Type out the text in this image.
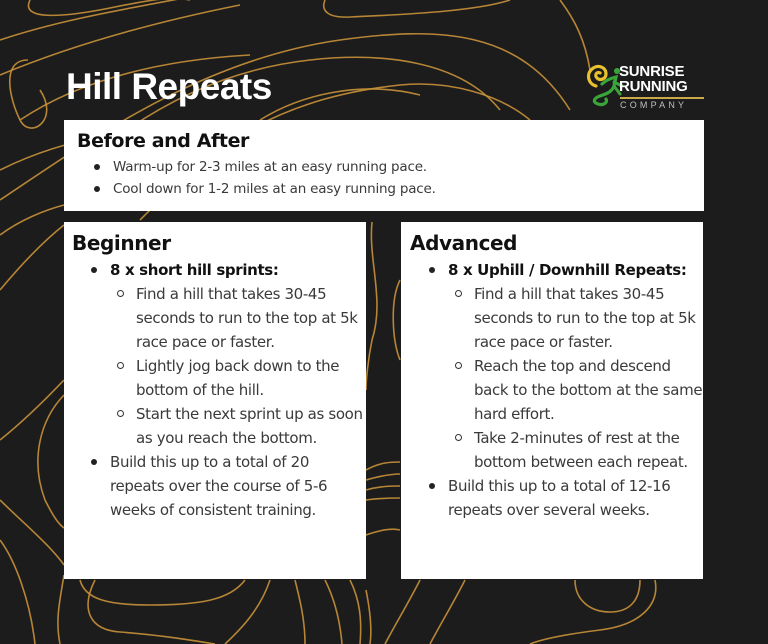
Hill Repeats	SUNRISE
RUNNING
COMPANY
Before and After
Warm-up for 2-3 miles at an easy running pace.
Cool down for 1-2 miles at an easy running pace.
Beginner
8 x short hill sprints:
Find a hill that takes 30-45 seconds to run to the top at 5k race pace or faster.
Lightly jog back down to the bottom of the hill.
Start the next sprint up as soon as you reach the bottom.
Build this up to a total of 20 repeats over the course of 5-6 weeks of consistent training.
Advanced
8 x Uphill / Downhill Repeats:
Find a hill that takes 30-45 seconds to run to the top at 5k race pace or faster.
Reach the top and descend back to the bottom at the same hard effort.
Take 2-minutes of rest at the bottom between each repeat.
Build this up to a total of 12-16 repeats over several weeks.
